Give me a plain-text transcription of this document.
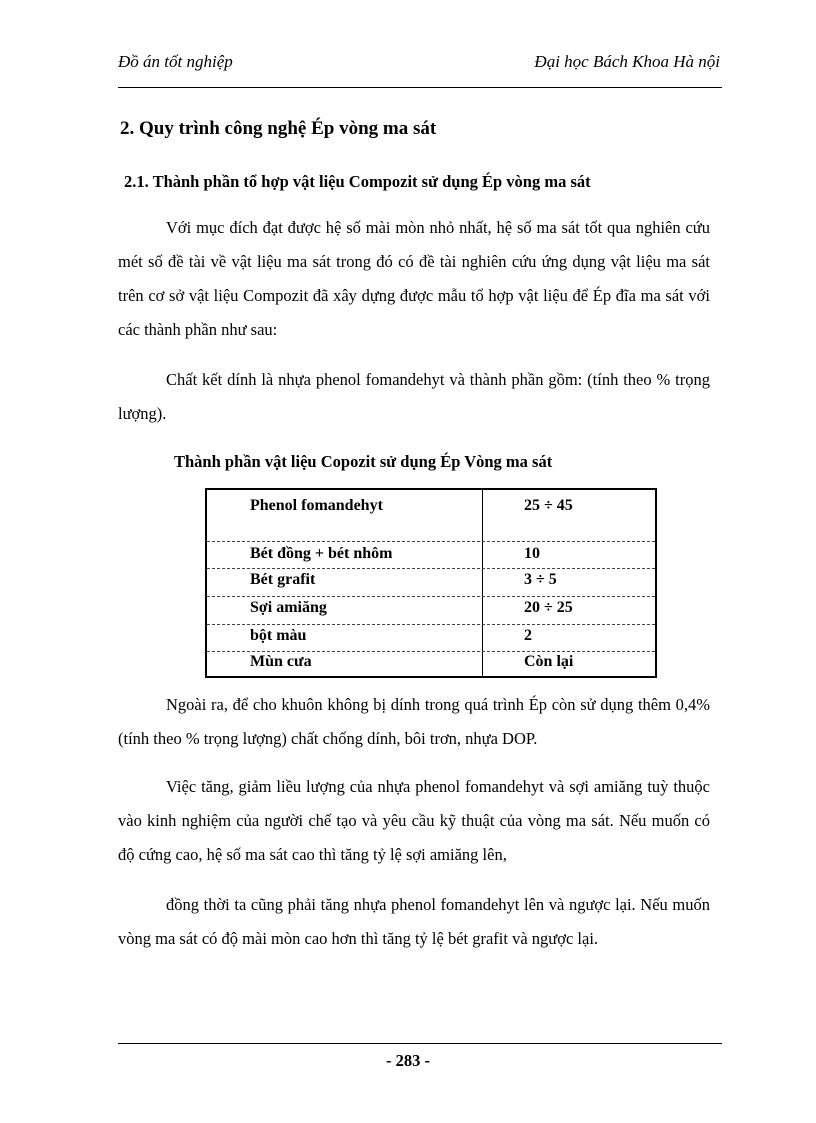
Đồ án tốt nghiệp	Đại học Bách Khoa Hà nội
2. Quy trình công nghệ Ép vòng ma sát
2.1. Thành phần tổ hợp vật liệu Compozit sử dụng Ép vòng ma sát

Với mục đích đạt được hệ số mài mòn nhỏ nhất, hệ số ma sát tốt qua nghiên cứu mét số đề tài về vật liệu ma sát trong đó có đề tài nghiên cứu ứng dụng vật liệu ma sát trên cơ sở vật liệu Compozit đã xây dựng được mẫu tổ hợp vật liệu để Ép đĩa ma sát với các thành phần như sau:

Chất kết dính là nhựa phenol fomandehyt và thành phần gồm: (tính theo % trọng lượng).

Thành phần vật liệu Copozit sử dụng Ép Vòng ma sát
Phenol fomandehyt	25 ÷ 45
Bét đồng + bét nhôm	10
Bét grafit	3 ÷ 5
Sợi amiăng	20 ÷ 25
bột màu	2
Mùn cưa	Còn lại

Ngoài ra, để cho khuôn không bị dính trong quá trình Ép còn sử dụng thêm 0,4% (tính theo % trọng lượng) chất chống dính, bôi trơn, nhựa DOP.

Việc tăng, giảm liều lượng của nhựa phenol fomandehyt và sợi amiăng tuỳ thuộc vào kinh nghiệm của người chế tạo và yêu cầu kỹ thuật của vòng ma sát. Nếu muốn có độ cứng cao, hệ số ma sát cao thì tăng tỷ lệ sợi amiăng lên,

đồng thời ta cũng phải tăng nhựa phenol fomandehyt lên và ngược lại. Nếu muốn vòng ma sát có độ mài mòn cao hơn thì tăng tỷ lệ bét grafit và ngược lại.

- 283 -
